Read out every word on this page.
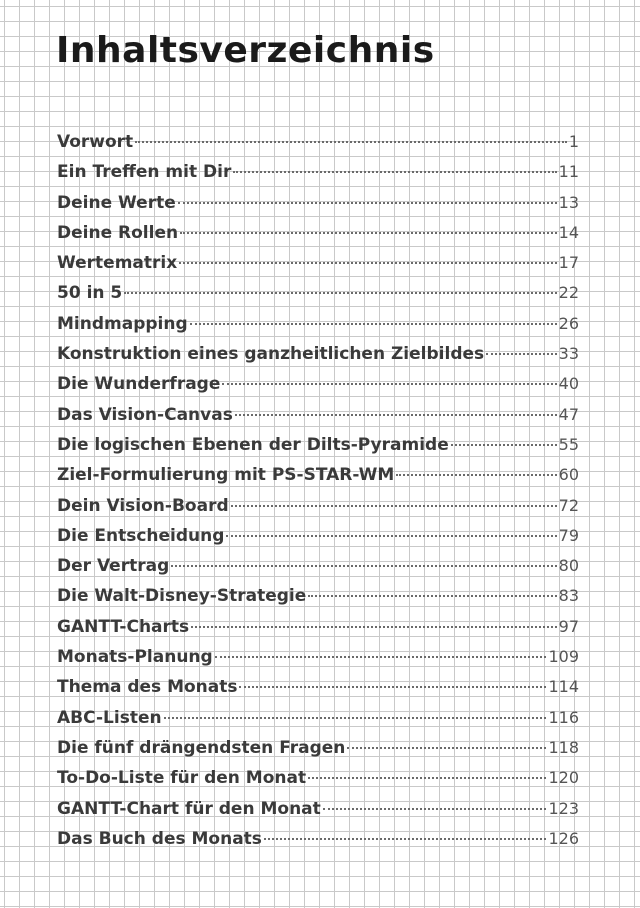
Inhaltsverzeichnis
Vorwort	1
Ein Treffen mit Dir	11
Deine Werte	13
Deine Rollen	14
Wertematrix	17
50 in 5	22
Mindmapping	26
Konstruktion eines ganzheitlichen Zielbildes	33
Die Wunderfrage	40
Das Vision-Canvas	47
Die logischen Ebenen der Dilts-Pyramide	55
Ziel-Formulierung mit PS-STAR-WM	60
Dein Vision-Board	72
Die Entscheidung	79
Der Vertrag	80
Die Walt-Disney-Strategie	83
GANTT-Charts	97
Monats-Planung	109
Thema des Monats	114
ABC-Listen	116
Die fünf drängendsten Fragen	118
To-Do-Liste für den Monat	120
GANTT-Chart für den Monat	123
Das Buch des Monats	126
